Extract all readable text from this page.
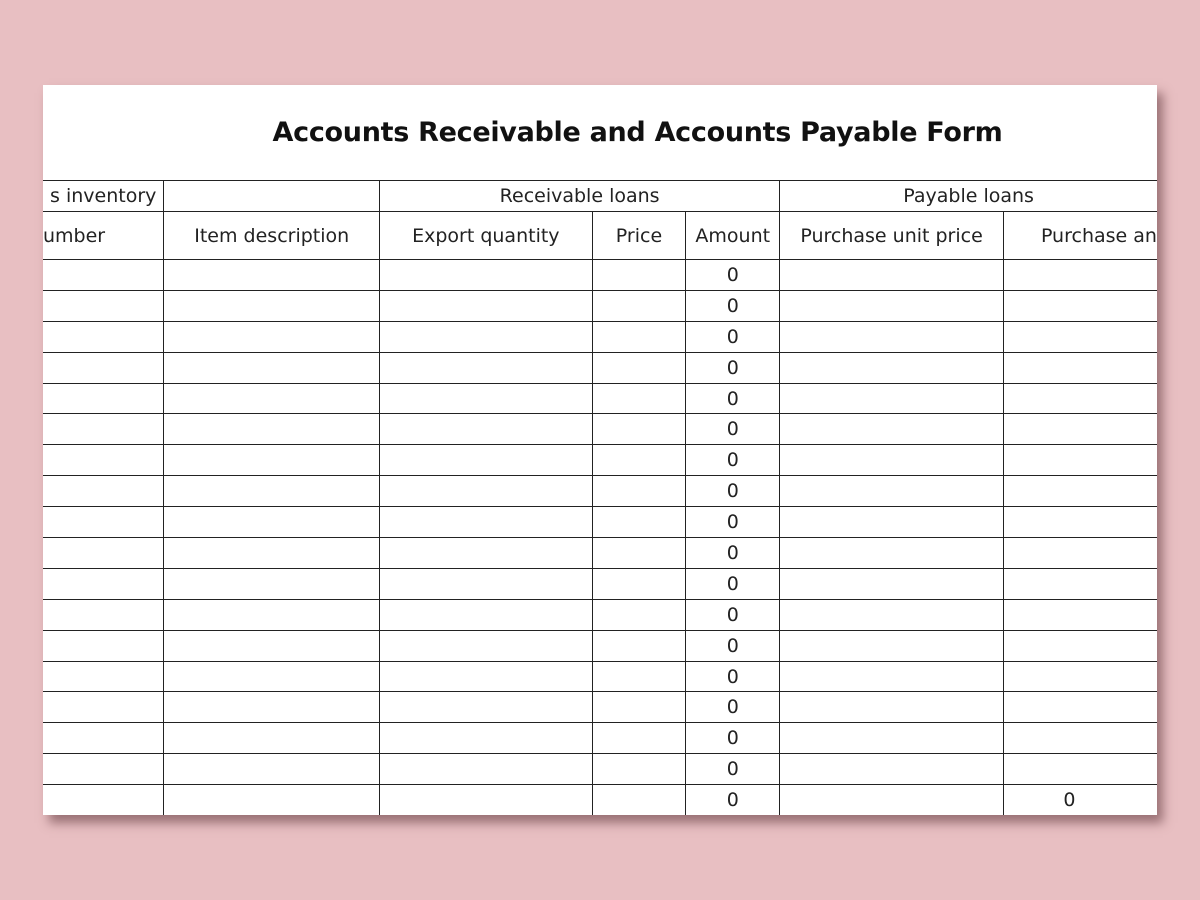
Accounts Receivable and Accounts Payable Form
s inventory		Receivable loans			Payable loans	
umber	Item description	Export quantity	Price	Amount	Purchase unit price	Purchase an
				0		
				0		
				0		
				0		
				0		
				0		
				0		
				0		
				0		
				0		
				0		
				0		
				0		
				0		
				0		
				0		
				0		
				0		0
